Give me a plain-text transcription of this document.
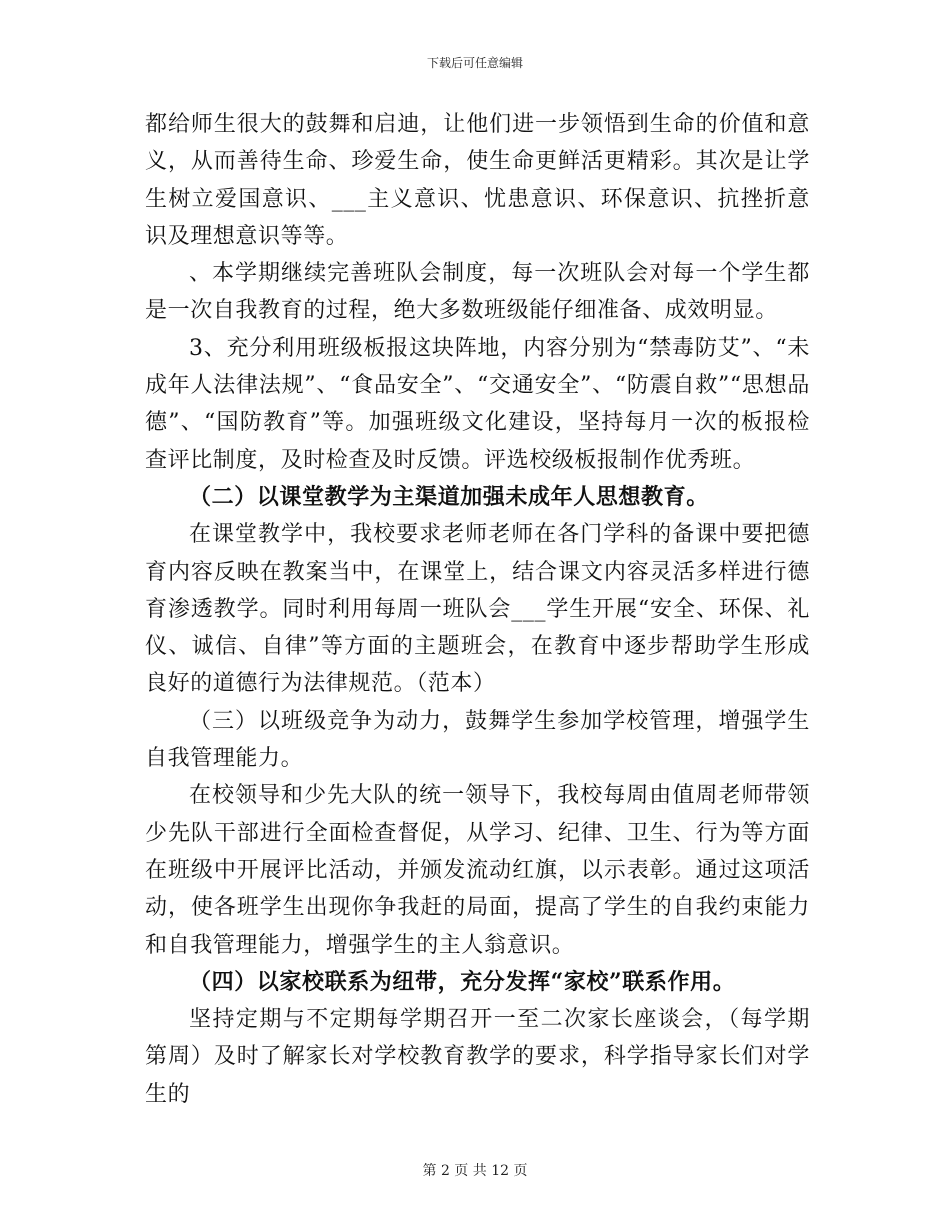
下载后可任意编辑

都给师生很大的鼓舞和启迪，让他们进一步领悟到生命的价值和意义，从而善待生命、珍爱生命，使生命更鲜活更精彩。其次是让学生树立爱国意识、___主义意识、忧患意识、环保意识、抗挫折意识及理想意识等等。

、本学期继续完善班队会制度，每一次班队会对每一个学生都是一次自我教育的过程，绝大多数班级能仔细准备、成效明显。

3、充分利用班级板报这块阵地，内容分别为“禁毒防艾”、“未成年人法律法规”、“食品安全”、“交通安全”、“防震自救”“思想品德”、“国防教育”等。加强班级文化建设，坚持每月一次的板报检查评比制度，及时检查及时反馈。评选校级板报制作优秀班。

（二）以课堂教学为主渠道加强未成年人思想教育。

在课堂教学中，我校要求老师老师在各门学科的备课中要把德育内容反映在教案当中，在课堂上，结合课文内容灵活多样进行德育渗透教学。同时利用每周一班队会___学生开展“安全、环保、礼仪、诚信、自律”等方面的主题班会，在教育中逐步帮助学生形成良好的道德行为法律规范。（范本）

（三）以班级竞争为动力，鼓舞学生参加学校管理，增强学生自我管理能力。

在校领导和少先大队的统一领导下，我校每周由值周老师带领少先队干部进行全面检查督促，从学习、纪律、卫生、行为等方面在班级中开展评比活动，并颁发流动红旗，以示表彰。通过这项活动，使各班学生出现你争我赶的局面，提高了学生的自我约束能力和自我管理能力，增强学生的主人翁意识。

（四）以家校联系为纽带，充分发挥“家校”联系作用。

坚持定期与不定期每学期召开一至二次家长座谈会，（每学期第周）及时了解家长对学校教育教学的要求，科学指导家长们对学生的

第 2 页 共 12 页
